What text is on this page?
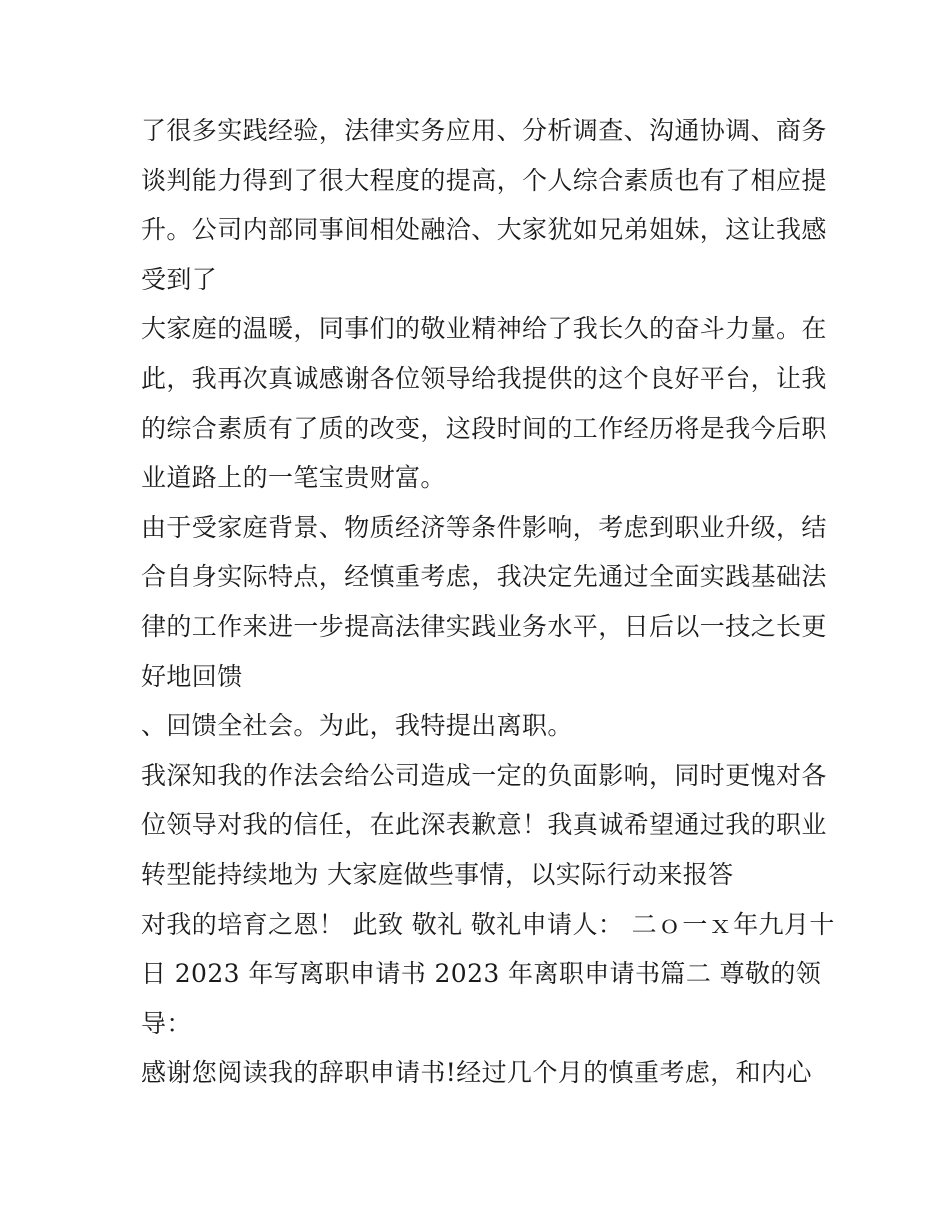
了很多实践经验，法律实务应用、分析调查、沟通协调、商务
谈判能力得到了很大程度的提高，个人综合素质也有了相应提
升。公司内部同事间相处融洽、大家犹如兄弟姐妹，这让我感
受到了
大家庭的温暖，同事们的敬业精神给了我长久的奋斗力量。在
此，我再次真诚感谢各位领导给我提供的这个良好平台，让我
的综合素质有了质的改变，这段时间的工作经历将是我今后职
业道路上的一笔宝贵财富。
由于受家庭背景、物质经济等条件影响，考虑到职业升级，结
合自身实际特点，经慎重考虑，我决定先通过全面实践基础法
律的工作来进一步提高法律实践业务水平，日后以一技之长更
好地回馈
、回馈全社会。为此，我特提出离职。
我深知我的作法会给公司造成一定的负面影响，同时更愧对各
位领导对我的信任，在此深表歉意！我真诚希望通过我的职业
转型能持续地为 大家庭做些事情，以实际行动来报答
对我的培育之恩！ 此致 敬礼 敬礼申请人： 二ｏ一ｘ年九月十
日 2023 年写离职申请书 2023 年离职申请书篇二 尊敬的领
导：
感谢您阅读我的辞职申请书!经过几个月的慎重考虑，和内心
